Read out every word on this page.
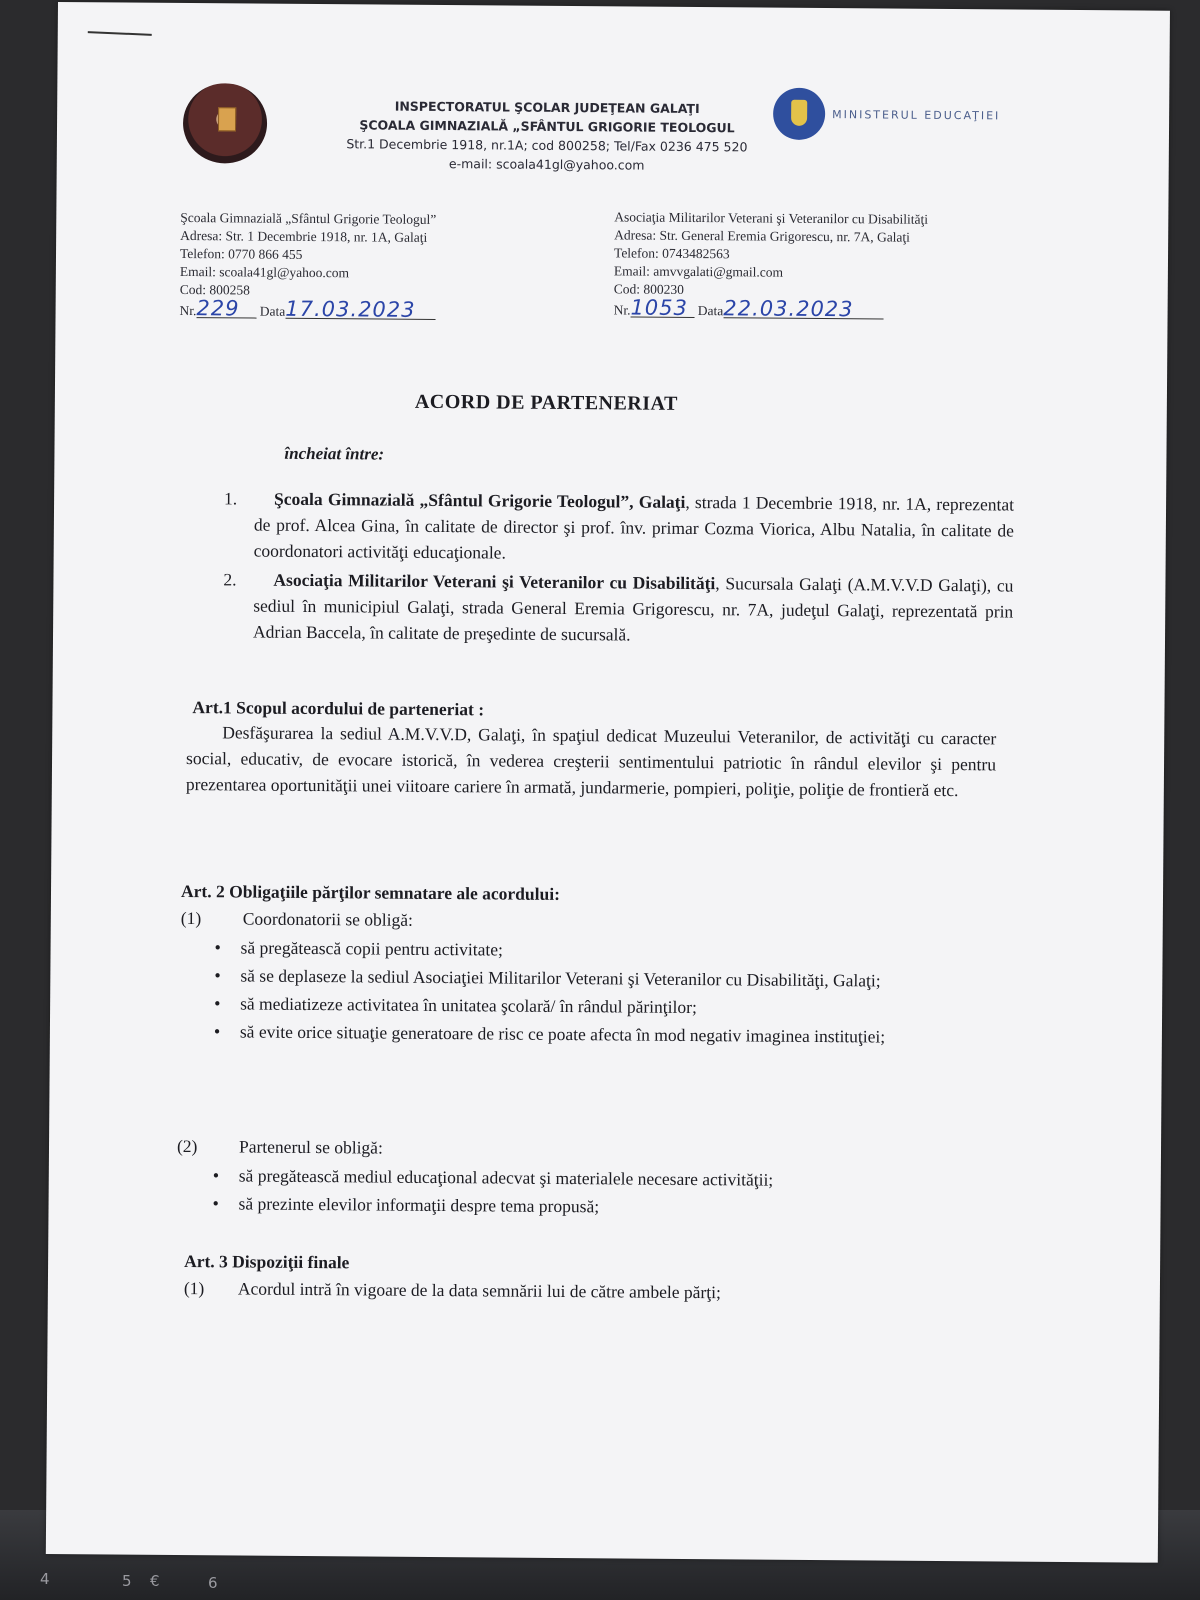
4	5 €	6
INSPECTORATUL ŞCOLAR JUDEŢEAN GALAŢI
ŞCOALA GIMNAZIALĂ „SFÂNTUL GRIGORIE TEOLOGUL
Str.1 Decembrie 1918, nr.1A; cod 800258; Tel/Fax 0236 475 520
e-mail: scoala41gl@yahoo.com
MINISTERUL EDUCAŢIEI
Şcoala Gimnazială „Sfântul Grigorie Teologul”
Adresa: Str. 1 Decembrie 1918, nr. 1A, Galaţi
Telefon: 0770 866 455
Email: scoala41gl@yahoo.com
Cod: 800258
Nr.229 Data17.03.2023
Asociaţia Militarilor Veterani şi Veteranilor cu Disabilităţi
Adresa: Str. General Eremia Grigorescu, nr. 7A, Galaţi
Telefon: 0743482563
Email: amvvgalati@gmail.com
Cod: 800230
Nr.1053 Data22.03.2023
ACORD DE PARTENERIAT
încheiat între:
1.	Şcoala Gimnazială „Sfântul Grigorie Teologul”, Galaţi, strada 1 Decembrie 1918, nr. 1A, reprezentat de prof. Alcea Gina, în calitate de director şi prof. înv. primar Cozma Viorica, Albu Natalia, în calitate de coordonatori activităţi educaţionale.
2.	Asociaţia Militarilor Veterani şi Veteranilor cu Disabilităţi, Sucursala Galaţi (A.M.V.V.D Galaţi), cu sediul în municipiul Galaţi, strada General Eremia Grigorescu, nr. 7A, judeţul Galaţi, reprezentată prin Adrian Baccela, în calitate de preşedinte de sucursală.
Art.1 Scopul acordului de parteneriat :
Desfăşurarea la sediul A.M.V.V.D, Galaţi, în spaţiul dedicat Muzeului Veteranilor, de activităţi cu caracter social, educativ, de evocare istorică, în vederea creşterii sentimentului patriotic în rândul elevilor şi pentru prezentarea oportunităţii unei viitoare cariere în armată, jundarmerie, pompieri, poliţie, poliţie de frontieră etc.
Art. 2 Obligaţiile părţilor semnatare ale acordului:
(1) Coordonatorii se obligă:
• să pregătească copii pentru activitate;
• să se deplaseze la sediul Asociaţiei Militarilor Veterani şi Veteranilor cu Disabilităţi, Galaţi;
• să mediatizeze activitatea în unitatea şcolară/ în rândul părinţilor;
• să evite orice situaţie generatoare de risc ce poate afecta în mod negativ imaginea instituţiei;
(2) Partenerul se obligă:
• să pregătească mediul educaţional adecvat şi materialele necesare activităţii;
• să prezinte elevilor informaţii despre tema propusă;
Art. 3 Dispoziţii finale
(1) Acordul intră în vigoare de la data semnării lui de către ambele părţi;
